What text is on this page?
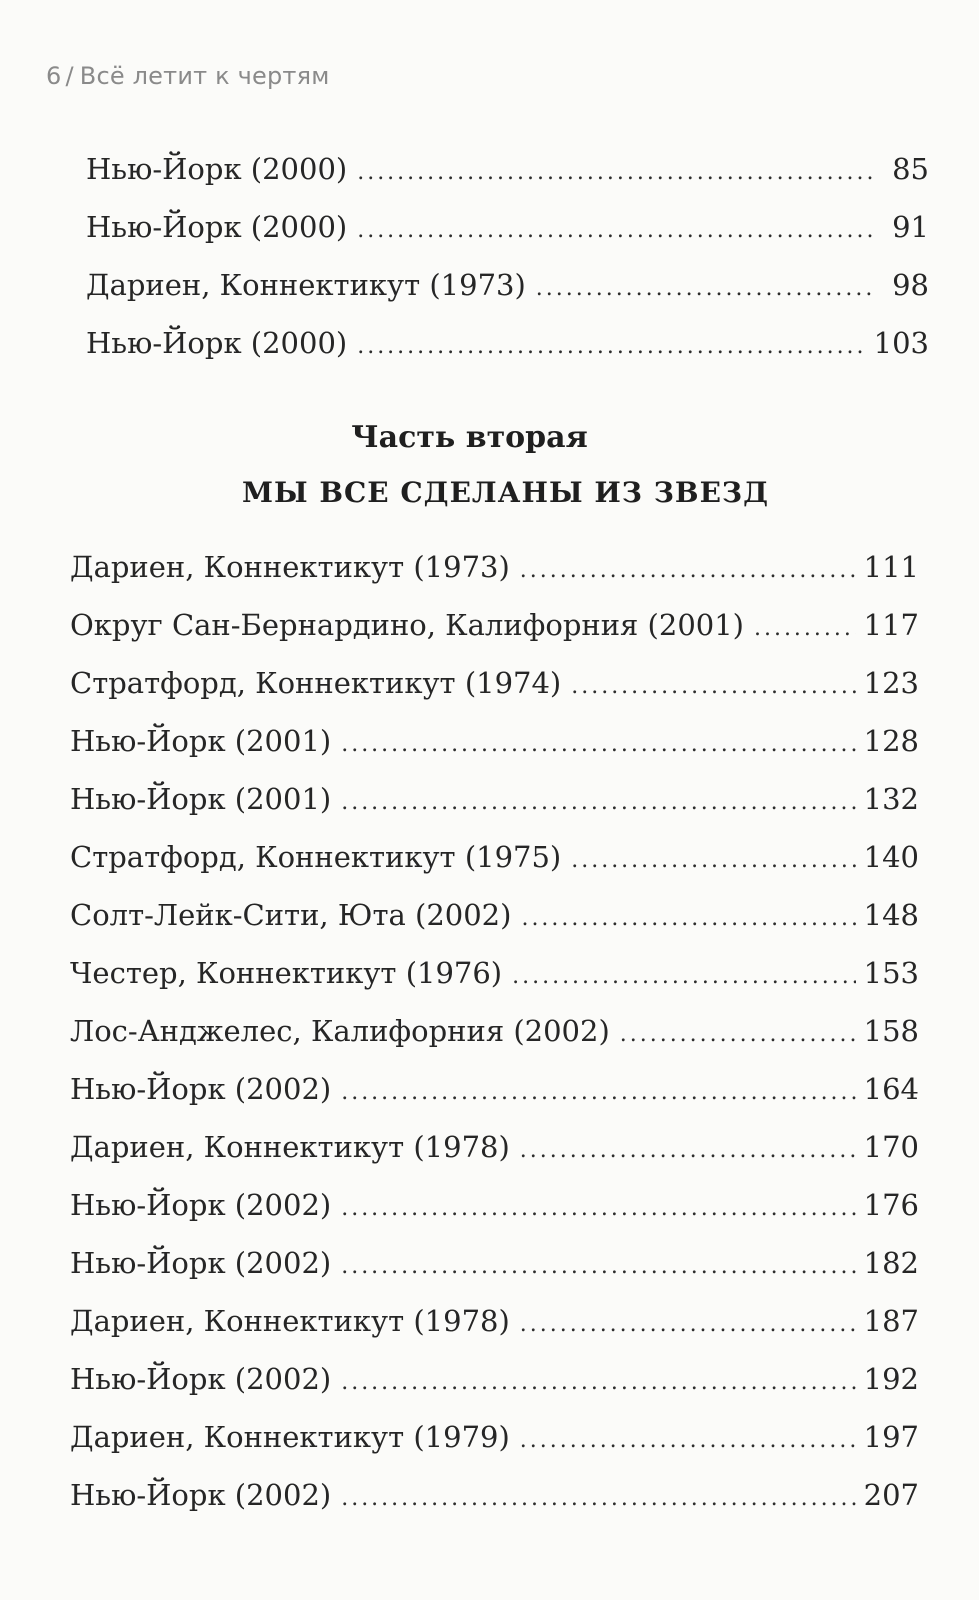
6 / Всё летит к чертям
Нью-Йорк (2000) . . .	85
Нью-Йорк (2000) . . .	91
Дариен, Коннектикут (1973) . . .	98
Нью-Йорк (2000) . . .	103
Часть вторая
МЫ ВСЕ СДЕЛАНЫ ИЗ ЗВЕЗД
Дариен, Коннектикут (1973) . . .	111
Округ Сан-Бернардино, Калифорния (2001) . . .	117
Стратфорд, Коннектикут (1974) . . .	123
Нью-Йорк (2001) . . .	128
Нью-Йорк (2001) . . .	132
Стратфорд, Коннектикут (1975) . . .	140
Солт-Лейк-Сити, Юта (2002) . . .	148
Честер, Коннектикут (1976) . . .	153
Лос-Анджелес, Калифорния (2002) . . .	158
Нью-Йорк (2002) . . .	164
Дариен, Коннектикут (1978) . . .	170
Нью-Йорк (2002) . . .	176
Нью-Йорк (2002) . . .	182
Дариен, Коннектикут (1978) . . .	187
Нью-Йорк (2002) . . .	192
Дариен, Коннектикут (1979) . . .	197
Нью-Йорк (2002) . . .	207
